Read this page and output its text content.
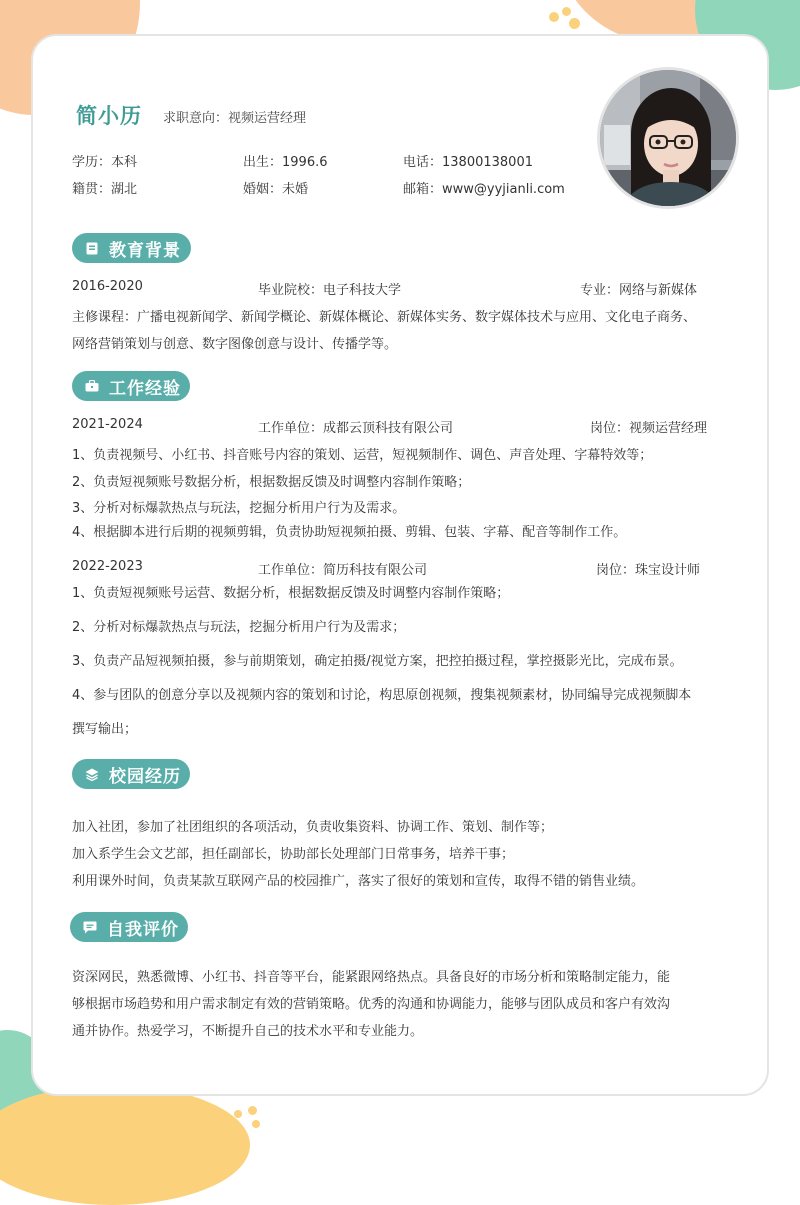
简小历 求职意向：视频运营经理
学历：本科	出生：1996.6	电话：13800138001
籍贯：湖北	婚姻：未婚	邮箱：www@yyjianli.com
教育背景
2016-2020	毕业院校：电子科技大学	专业：网络与新媒体
主修课程：广播电视新闻学、新闻学概论、新媒体概论、新媒体实务、数字媒体技术与应用、文化电子商务、
网络营销策划与创意、数字图像创意与设计、传播学等。
工作经验
2021-2024	工作单位：成都云顶科技有限公司	岗位：视频运营经理
1、负责视频号、小红书、抖音账号内容的策划、运营，短视频制作、调色、声音处理、字幕特效等；
2、负责短视频账号数据分析，根据数据反馈及时调整内容制作策略；
3、分析对标爆款热点与玩法，挖掘分析用户行为及需求。
4、根据脚本进行后期的视频剪辑，负责协助短视频拍摄、剪辑、包装、字幕、配音等制作工作。
2022-2023	工作单位：简历科技有限公司	岗位：珠宝设计师
1、负责短视频账号运营、数据分析，根据数据反馈及时调整内容制作策略；
2、分析对标爆款热点与玩法，挖掘分析用户行为及需求；
3、负责产品短视频拍摄，参与前期策划，确定拍摄/视觉方案，把控拍摄过程，掌控摄影光比，完成布景。
4、参与团队的创意分享以及视频内容的策划和讨论，构思原创视频，搜集视频素材，协同编导完成视频脚本
撰写输出；
校园经历
加入社团，参加了社团组织的各项活动，负责收集资料、协调工作、策划、制作等；
加入系学生会文艺部，担任副部长，协助部长处理部门日常事务，培养干事；
利用课外时间，负责某款互联网产品的校园推广，落实了很好的策划和宣传，取得不错的销售业绩。
自我评价
资深网民，熟悉微博、小红书、抖音等平台，能紧跟网络热点。具备良好的市场分析和策略制定能力，能
够根据市场趋势和用户需求制定有效的营销策略。优秀的沟通和协调能力，能够与团队成员和客户有效沟
通并协作。热爱学习，不断提升自己的技术水平和专业能力。
